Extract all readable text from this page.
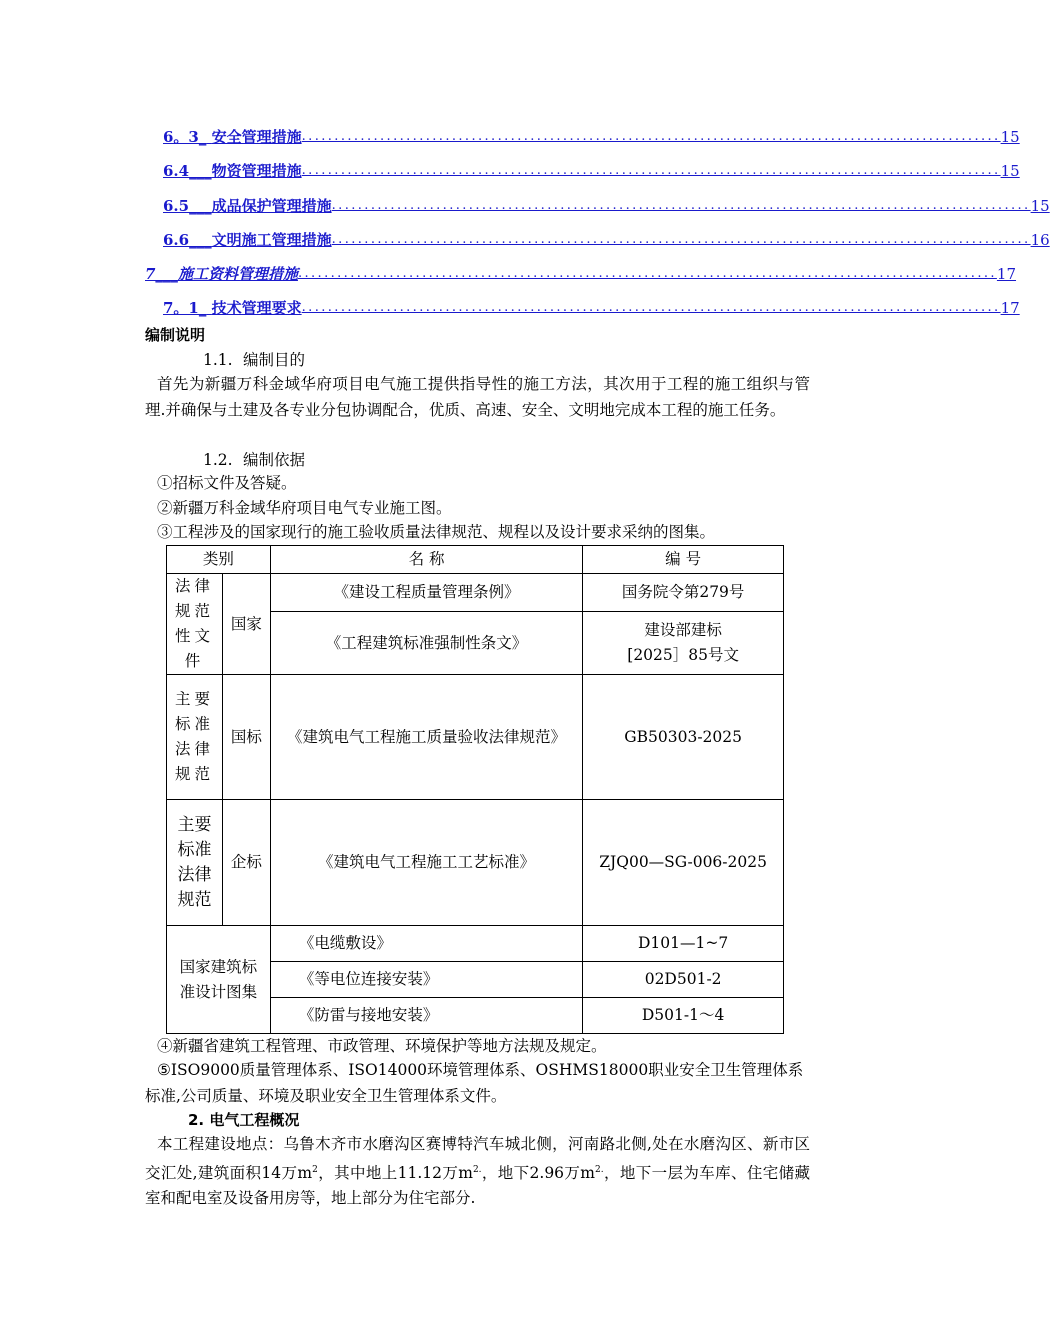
6。3_ 安全管理措施 ........................................................................................................... 15
6.4___物资管理措施 ........................................................................................................... 15
6.5___成品保护管理措施 ........................................................................................................... 15
6.6___文明施工管理措施 ........................................................................................................... 16
7___施工资料管理措施 ........................................................................................................... 17
7。1_ 技术管理要求 ........................................................................................................... 17
编制说明
1.1. 编制目的
首先为新疆万科金域华府项目电气施工提供指导性的施工方法，其次用于工程的施工组织与管理.并确保与土建及各专业分包协调配合，优质、高速、安全、文明地完成本工程的施工任务。
1.2. 编制依据
①招标文件及答疑。
②新疆万科金域华府项目电气专业施工图。
③工程涉及的国家现行的施工验收质量法律规范、规程以及设计要求采纳的图集。
类别		名 称	编 号
法律规范性文件	国家	《建设工程质量管理条例》	国务院令第279号
		《工程建筑标准强制性条文》	建设部建标
[2025］85号文

主要标准法律规范	国标	《建筑电气工程施工质量验收法律规范》	GB50303-2025
主要标准法律规范	企标	《建筑电气工程施工工艺标准》	ZJQ00—SG-006-2025
国家建筑标准设计图集		《电缆敷设》	D101—1~7
		《等电位连接安装》	02D501-2
		《防雷与接地安装》	D501-1～4
④新疆省建筑工程管理、市政管理、环境保护等地方法规及规定。
⑤ISO9000质量管理体系、ISO14000环境管理体系、OSHMS18000职业安全卫生管理体系标准,公司质量、环境及职业安全卫生管理体系文件。
2. 电气工程概况
本工程建设地点：乌鲁木齐市水磨沟区赛博特汽车城北侧，河南路北侧,处在水磨沟区、新市区交汇处,建筑面积14万$m^2$，其中地上11.12万$m^{2.}$，地下2.96万$m^{2.}$，地下一层为车库、住宅储藏室和配电室及设备用房等，地上部分为住宅部分.
